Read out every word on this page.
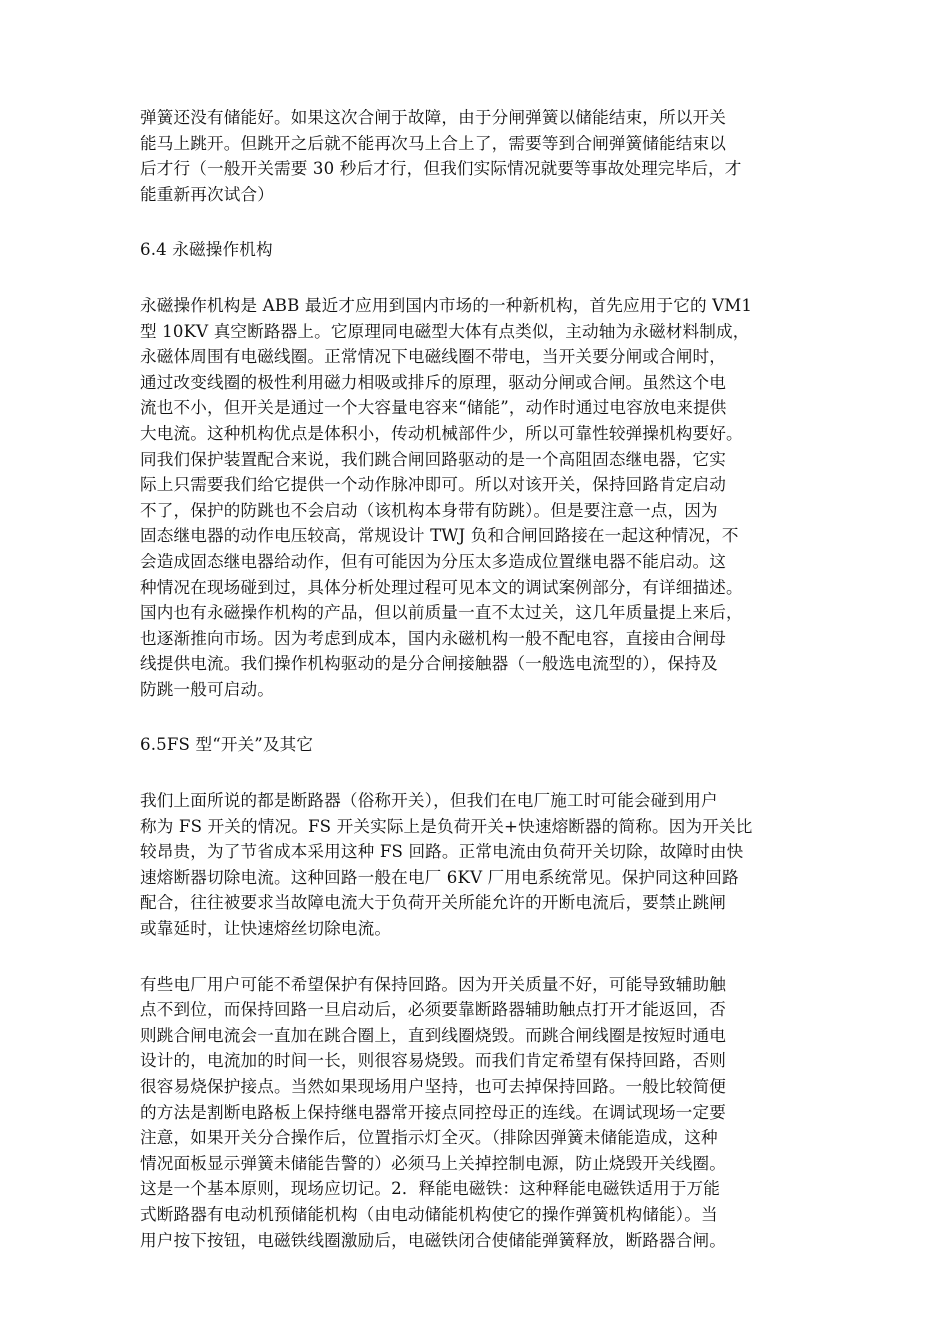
弹簧还没有储能好。如果这次合闸于故障，由于分闸弹簧以储能结束，所以开关
能马上跳开。但跳开之后就不能再次马上合上了，需要等到合闸弹簧储能结束以
后才行（一般开关需要 30 秒后才行，但我们实际情况就要等事故处理完毕后，才
能重新再次试合）

6.4 永磁操作机构

永磁操作机构是 ABB 最近才应用到国内市场的一种新机构，首先应用于它的 VM1
型 10KV 真空断路器上。它原理同电磁型大体有点类似，主动轴为永磁材料制成，
永磁体周围有电磁线圈。正常情况下电磁线圈不带电，当开关要分闸或合闸时，
通过改变线圈的极性利用磁力相吸或排斥的原理，驱动分闸或合闸。虽然这个电
流也不小，但开关是通过一个大容量电容来“储能”，动作时通过电容放电来提供
大电流。这种机构优点是体积小，传动机械部件少，所以可靠性较弹操机构要好。
同我们保护装置配合来说，我们跳合闸回路驱动的是一个高阻固态继电器，它实
际上只需要我们给它提供一个动作脉冲即可。所以对该开关，保持回路肯定启动
不了，保护的防跳也不会启动（该机构本身带有防跳）。但是要注意一点，因为
固态继电器的动作电压较高，常规设计 TWJ 负和合闸回路接在一起这种情况，不
会造成固态继电器给动作，但有可能因为分压太多造成位置继电器不能启动。这
种情况在现场碰到过，具体分析处理过程可见本文的调试案例部分，有详细描述。
国内也有永磁操作机构的产品，但以前质量一直不太过关，这几年质量提上来后，
也逐渐推向市场。因为考虑到成本，国内永磁机构一般不配电容，直接由合闸母
线提供电流。我们操作机构驱动的是分合闸接触器（一般选电流型的），保持及
防跳一般可启动。

6.5FS 型“开关”及其它

我们上面所说的都是断路器（俗称开关），但我们在电厂施工时可能会碰到用户
称为 FS 开关的情况。FS 开关实际上是负荷开关+快速熔断器的简称。因为开关比
较昂贵，为了节省成本采用这种 FS 回路。正常电流由负荷开关切除，故障时由快
速熔断器切除电流。这种回路一般在电厂 6KV 厂用电系统常见。保护同这种回路
配合，往往被要求当故障电流大于负荷开关所能允许的开断电流后，要禁止跳闸
或靠延时，让快速熔丝切除电流。

有些电厂用户可能不希望保护有保持回路。因为开关质量不好，可能导致辅助触
点不到位，而保持回路一旦启动后，必须要靠断路器辅助触点打开才能返回，否
则跳合闸电流会一直加在跳合圈上，直到线圈烧毁。而跳合闸线圈是按短时通电
设计的，电流加的时间一长，则很容易烧毁。而我们肯定希望有保持回路，否则
很容易烧保护接点。当然如果现场用户坚持，也可去掉保持回路。一般比较简便
的方法是割断电路板上保持继电器常开接点同控母正的连线。在调试现场一定要
注意，如果开关分合操作后，位置指示灯全灭。（排除因弹簧未储能造成，这种
情况面板显示弹簧未储能告警的）必须马上关掉控制电源，防止烧毁开关线圈。
这是一个基本原则，现场应切记。2．释能电磁铁：这种释能电磁铁适用于万能
式断路器有电动机预储能机构（由电动储能机构使它的操作弹簧机构储能）。当
用户按下按钮，电磁铁线圈激励后，电磁铁闭合使储能弹簧释放，断路器合闸。
